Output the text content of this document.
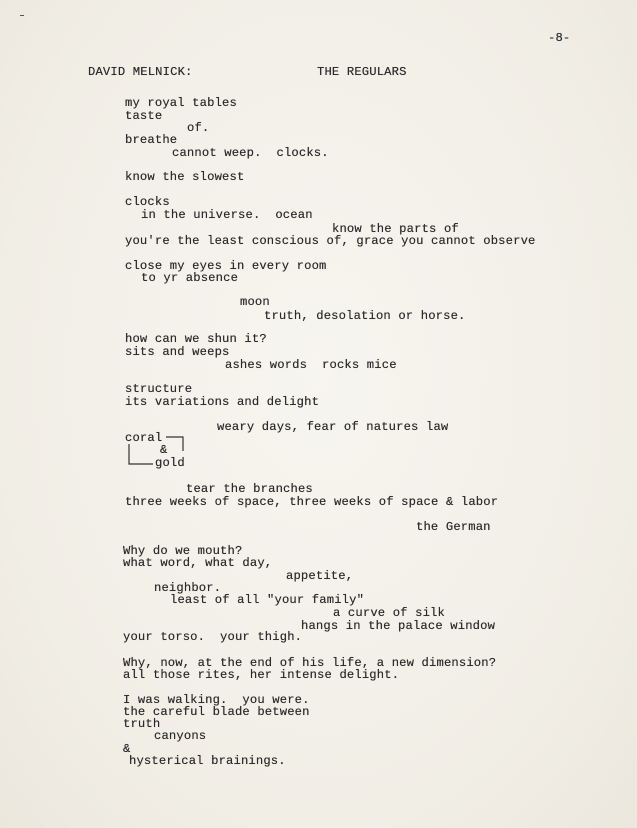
-8-
DAVID MELNICK:	THE REGULARS
my royal tables
taste
of.
breathe
cannot weep.  clocks.
know the slowest
clocks
in the universe.  ocean
know the parts of
you're the least conscious of, grace you cannot observe
close my eyes in every room
to yr absence
moon
truth, desolation or horse.
how can we shun it?
sits and weeps
ashes words  rocks mice
structure
its variations and delight
weary days, fear of natures law
coral
&
gold
tear the branches
three weeks of space, three weeks of space & labor
the German
Why do we mouth?
what word, what day,
appetite,
neighbor.
least of all "your family"
a curve of silk
hangs in the palace window
your torso.  your thigh.
Why, now, at the end of his life, a new dimension?
all those rites, her intense delight.
I was walking.  you were.
the careful blade between
truth
canyons
&
hysterical brainings.
